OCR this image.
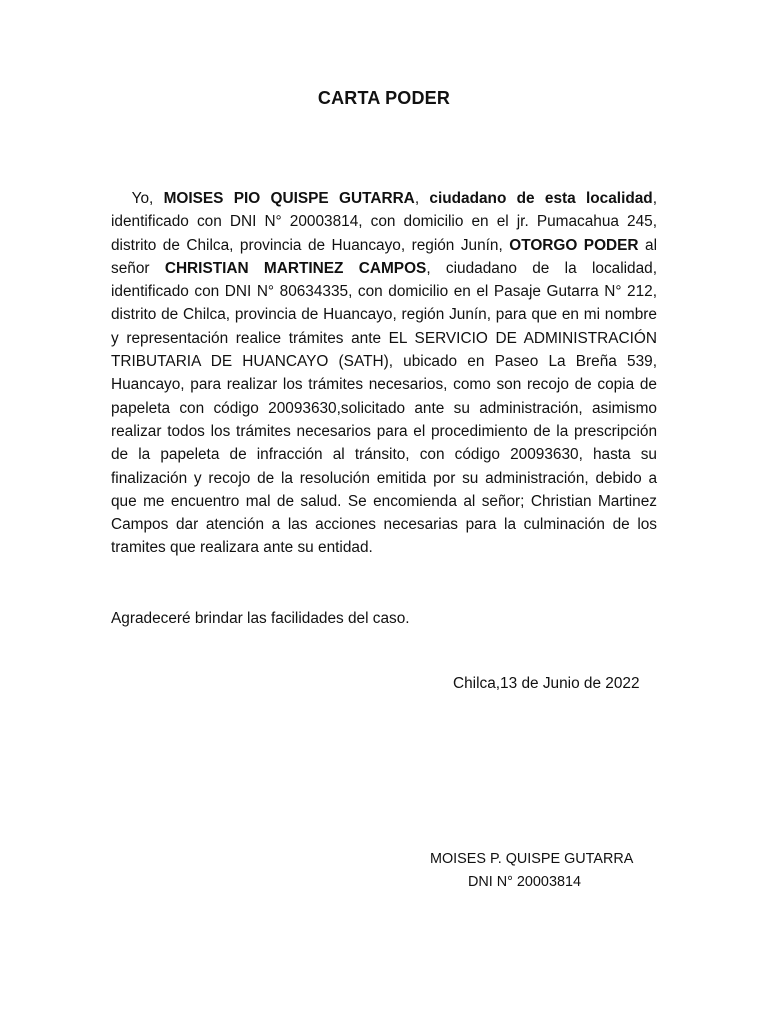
CARTA PODER
Yo, MOISES PIO QUISPE GUTARRA, ciudadano de esta localidad, identificado con DNI N° 20003814, con domicilio en el jr. Pumacahua 245, distrito de Chilca, provincia de Huancayo, región Junín, OTORGO PODER al señor CHRISTIAN MARTINEZ CAMPOS, ciudadano de la localidad, identificado con DNI N° 80634335, con domicilio en el Pasaje Gutarra N° 212, distrito de Chilca, provincia de Huancayo, región Junín, para que en mi nombre y representación realice trámites ante EL SERVICIO DE ADMINISTRACIÓN TRIBUTARIA DE HUANCAYO (SATH), ubicado en Paseo La Breña 539, Huancayo, para realizar los trámites necesarios, como son recojo de copia de papeleta con código 20093630,solicitado ante su administración, asimismo realizar todos los trámites necesarios para el procedimiento de la prescripción de la papeleta de infracción al tránsito, con código 20093630, hasta su finalización y recojo de la resolución emitida por su administración, debido a que me encuentro mal de salud. Se encomienda al señor; Christian Martinez Campos dar atención a las acciones necesarias para la culminación de los tramites que realizara ante su entidad.
Agradeceré brindar las facilidades del caso.
Chilca,13 de Junio de 2022
MOISES P. QUISPE GUTARRA
DNI N° 20003814
